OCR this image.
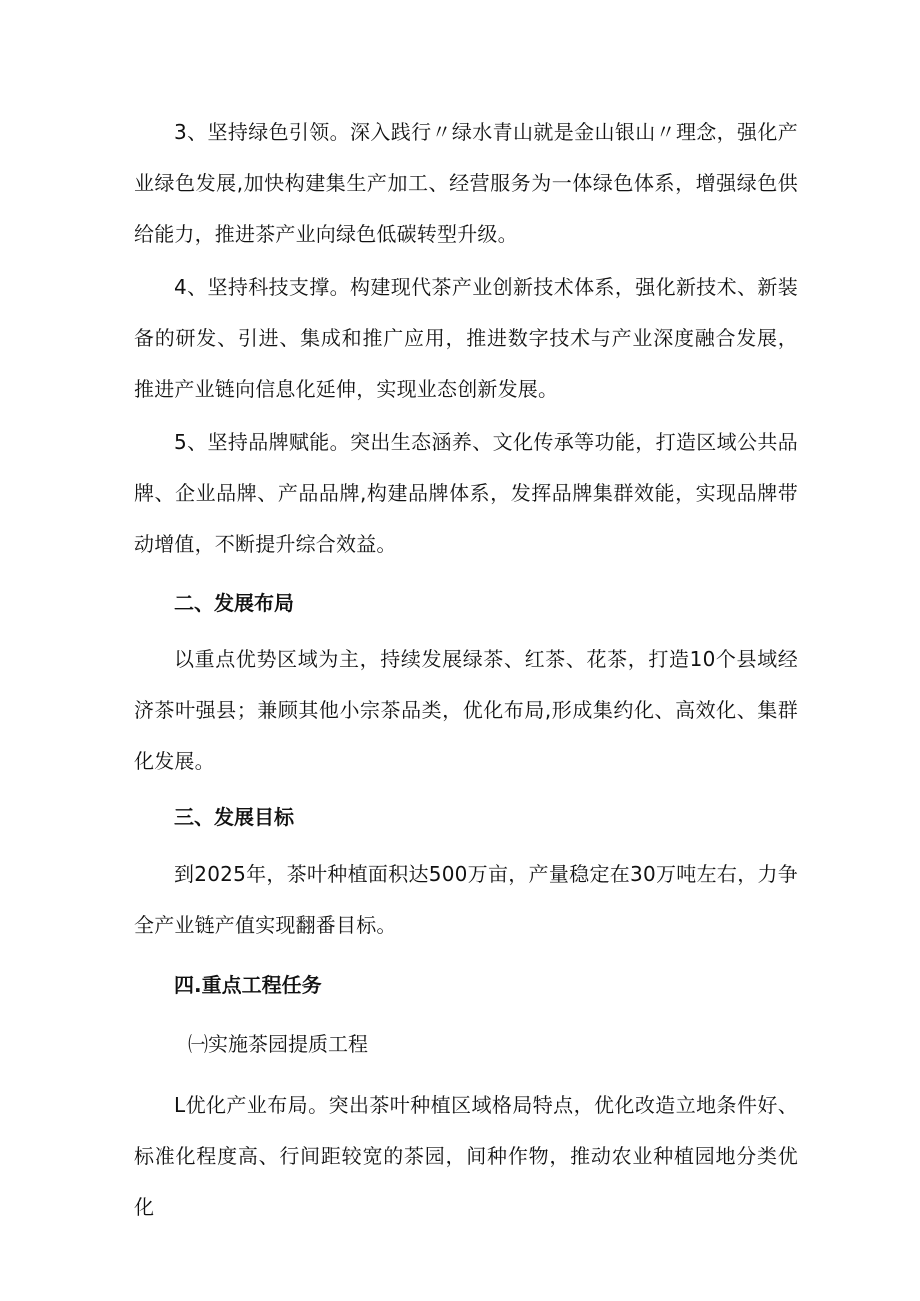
3、坚持绿色引领。深入践行〃绿水青山就是金山银山〃理念，强化产业绿色发展,加快构建集生产加工、经营服务为一体绿色体系，增强绿色供给能力，推进茶产业向绿色低碳转型升级。

4、坚持科技支撑。构建现代茶产业创新技术体系，强化新技术、新装备的研发、引进、集成和推广应用，推进数字技术与产业深度融合发展，推进产业链向信息化延伸，实现业态创新发展。

5、坚持品牌赋能。突出生态涵养、文化传承等功能，打造区域公共品牌、企业品牌、产品品牌,构建品牌体系，发挥品牌集群效能，实现品牌带动增值，不断提升综合效益。

二、发展布局

以重点优势区域为主，持续发展绿茶、红茶、花茶，打造10个县域经济茶叶强县；兼顾其他小宗茶品类，优化布局,形成集约化、高效化、集群化发展。

三、发展目标

到2025年，茶叶种植面积达500万亩，产量稳定在30万吨左右，力争全产业链产值实现翻番目标。

四.重点工程任务

㈠实施茶园提质工程

L优化产业布局。突出茶叶种植区域格局特点，优化改造立地条件好、标准化程度高、行间距较宽的茶园，间种作物，推动农业种植园地分类优化
